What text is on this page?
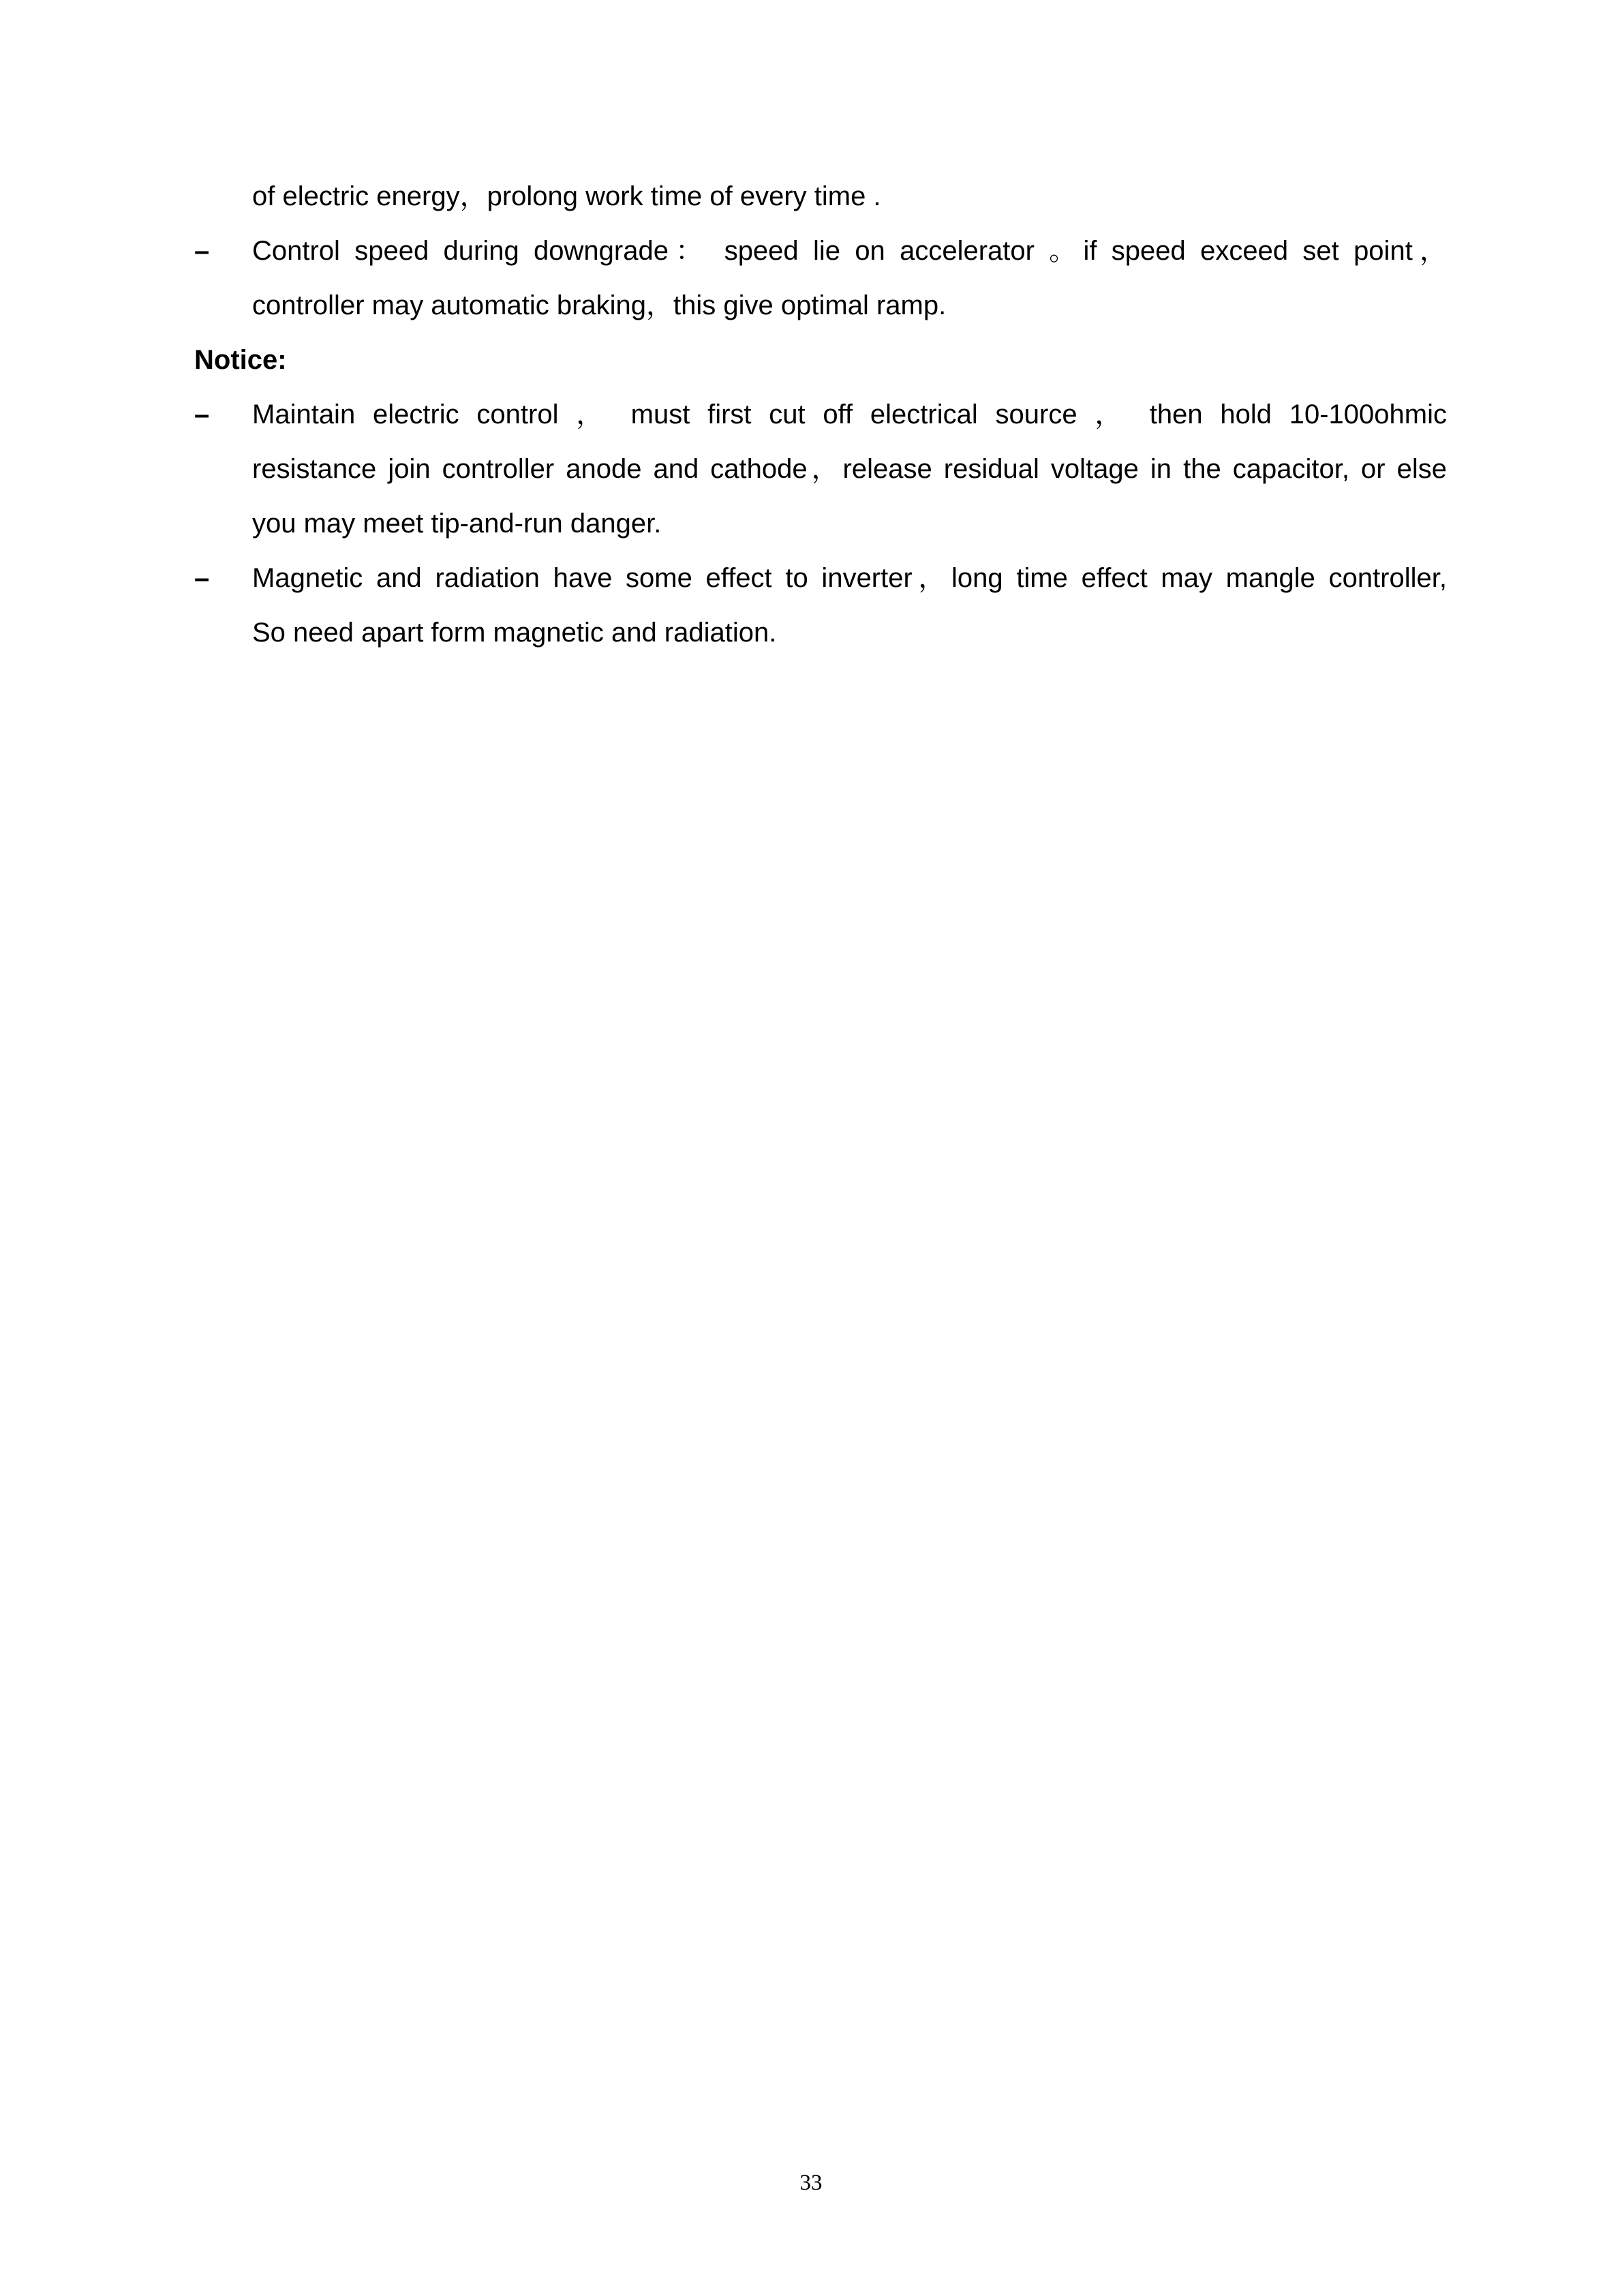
of electric energy，prolong work time of every time .

–	Control speed during downgrade： speed lie on accelerator 。if speed exceed set point，
controller may automatic braking，this give optimal ramp.

Notice:

–	Maintain electric control ， must first cut off electrical source ， then hold 10-100ohmic
resistance join controller anode and cathode，release residual voltage in the capacitor, or else
you may meet tip-and-run danger.
–	Magnetic and radiation have some effect to inverter，long time effect may mangle controller,
So need apart form magnetic and radiation.
33
